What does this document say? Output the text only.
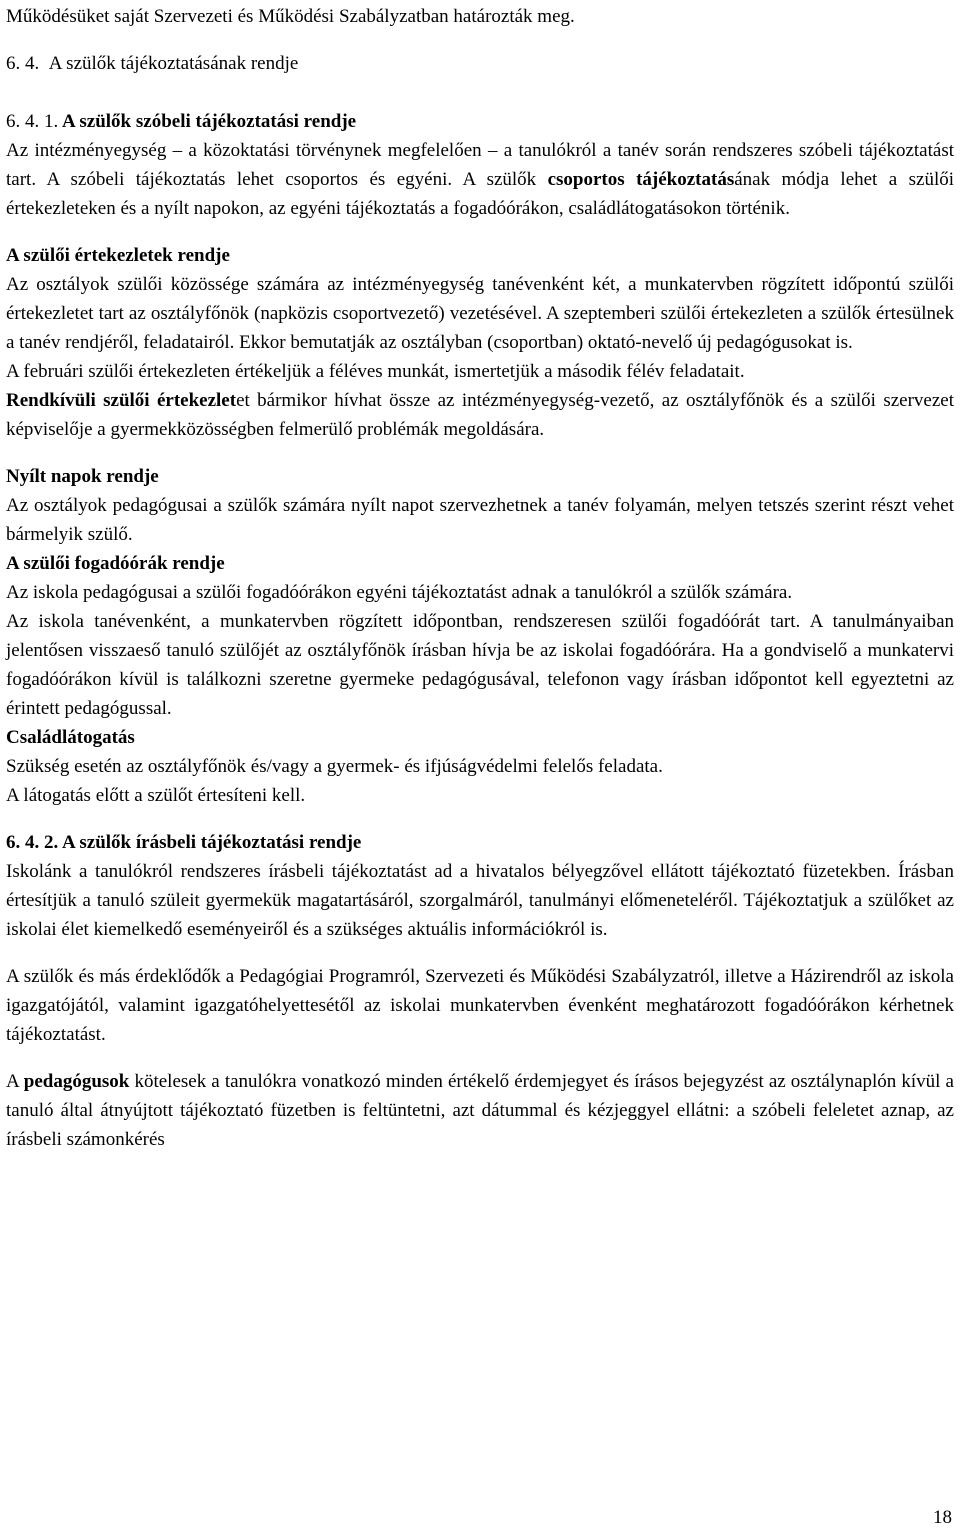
Működésüket saját Szervezeti és Működési Szabályzatban határozták meg.

6. 4. A szülők tájékoztatásának rendje

6. 4. 1. A szülők szóbeli tájékoztatási rendje

Az intézményegység – a közoktatási törvénynek megfelelően – a tanulókról a tanév során rendszeres szóbeli tájékoztatást tart. A szóbeli tájékoztatás lehet csoportos és egyéni. A szülők csoportos tájékoztatásának módja lehet a szülői értekezleteken és a nyílt napokon, az egyéni tájékoztatás a fogadóórákon, családlátogatásokon történik.

A szülői értekezletek rendje

Az osztályok szülői közössége számára az intézményegység tanévenként két, a munkatervben rögzített időpontú szülői értekezletet tart az osztályfőnök (napközis csoportvezető) vezetésével. A szeptemberi szülői értekezleten a szülők értesülnek a tanév rendjéről, feladatairól. Ekkor bemutatják az osztályban (csoportban) oktató-nevelő új pedagógusokat is.

A februári szülői értekezleten értékeljük a féléves munkát, ismertetjük a második félév feladatait.

Rendkívüli szülői értekezletet bármikor hívhat össze az intézményegység-vezető, az osztályfőnök és a szülői szervezet képviselője a gyermekközösségben felmerülő problémák megoldására.

Nyílt napok rendje

Az osztályok pedagógusai a szülők számára nyílt napot szervezhetnek a tanév folyamán, melyen tetszés szerint részt vehet bármelyik szülő.

A szülői fogadóórák rendje

Az iskola pedagógusai a szülői fogadóórákon egyéni tájékoztatást adnak a tanulókról a szülők számára.

Az iskola tanévenként, a munkatervben rögzített időpontban, rendszeresen szülői fogadóórát tart. A tanulmányaiban jelentősen visszaeső tanuló szülőjét az osztályfőnök írásban hívja be az iskolai fogadóórára. Ha a gondviselő a munkatervi fogadóórákon kívül is találkozni szeretne gyermeke pedagógusával, telefonon vagy írásban időpontot kell egyeztetni az érintett pedagógussal.

Családlátogatás

Szükség esetén az osztályfőnök és/vagy a gyermek- és ifjúságvédelmi felelős feladata.

A látogatás előtt a szülőt értesíteni kell.

6. 4. 2. A szülők írásbeli tájékoztatási rendje

Iskolánk a tanulókról rendszeres írásbeli tájékoztatást ad a hivatalos bélyegzővel ellátott tájékoztató füzetekben. Írásban értesítjük a tanuló szüleit gyermekük magatartásáról, szorgalmáról, tanulmányi előmeneteléről. Tájékoztatjuk a szülőket az iskolai élet kiemelkedő eseményeiről és a szükséges aktuális információkról is.

A szülők és más érdeklődők a Pedagógiai Programról, Szervezeti és Működési Szabályzatról, illetve a Házirendről az iskola igazgatójától, valamint igazgatóhelyettesétől az iskolai munkatervben évenként meghatározott fogadóórákon kérhetnek tájékoztatást.

A pedagógusok kötelesek a tanulókra vonatkozó minden értékelő érdemjegyet és írásos bejegyzést az osztálynaplón kívül a tanuló által átnyújtott tájékoztató füzetben is feltüntetni, azt dátummal és kézjeggyel ellátni: a szóbeli feleletet aznap, az írásbeli számonkérés

18
